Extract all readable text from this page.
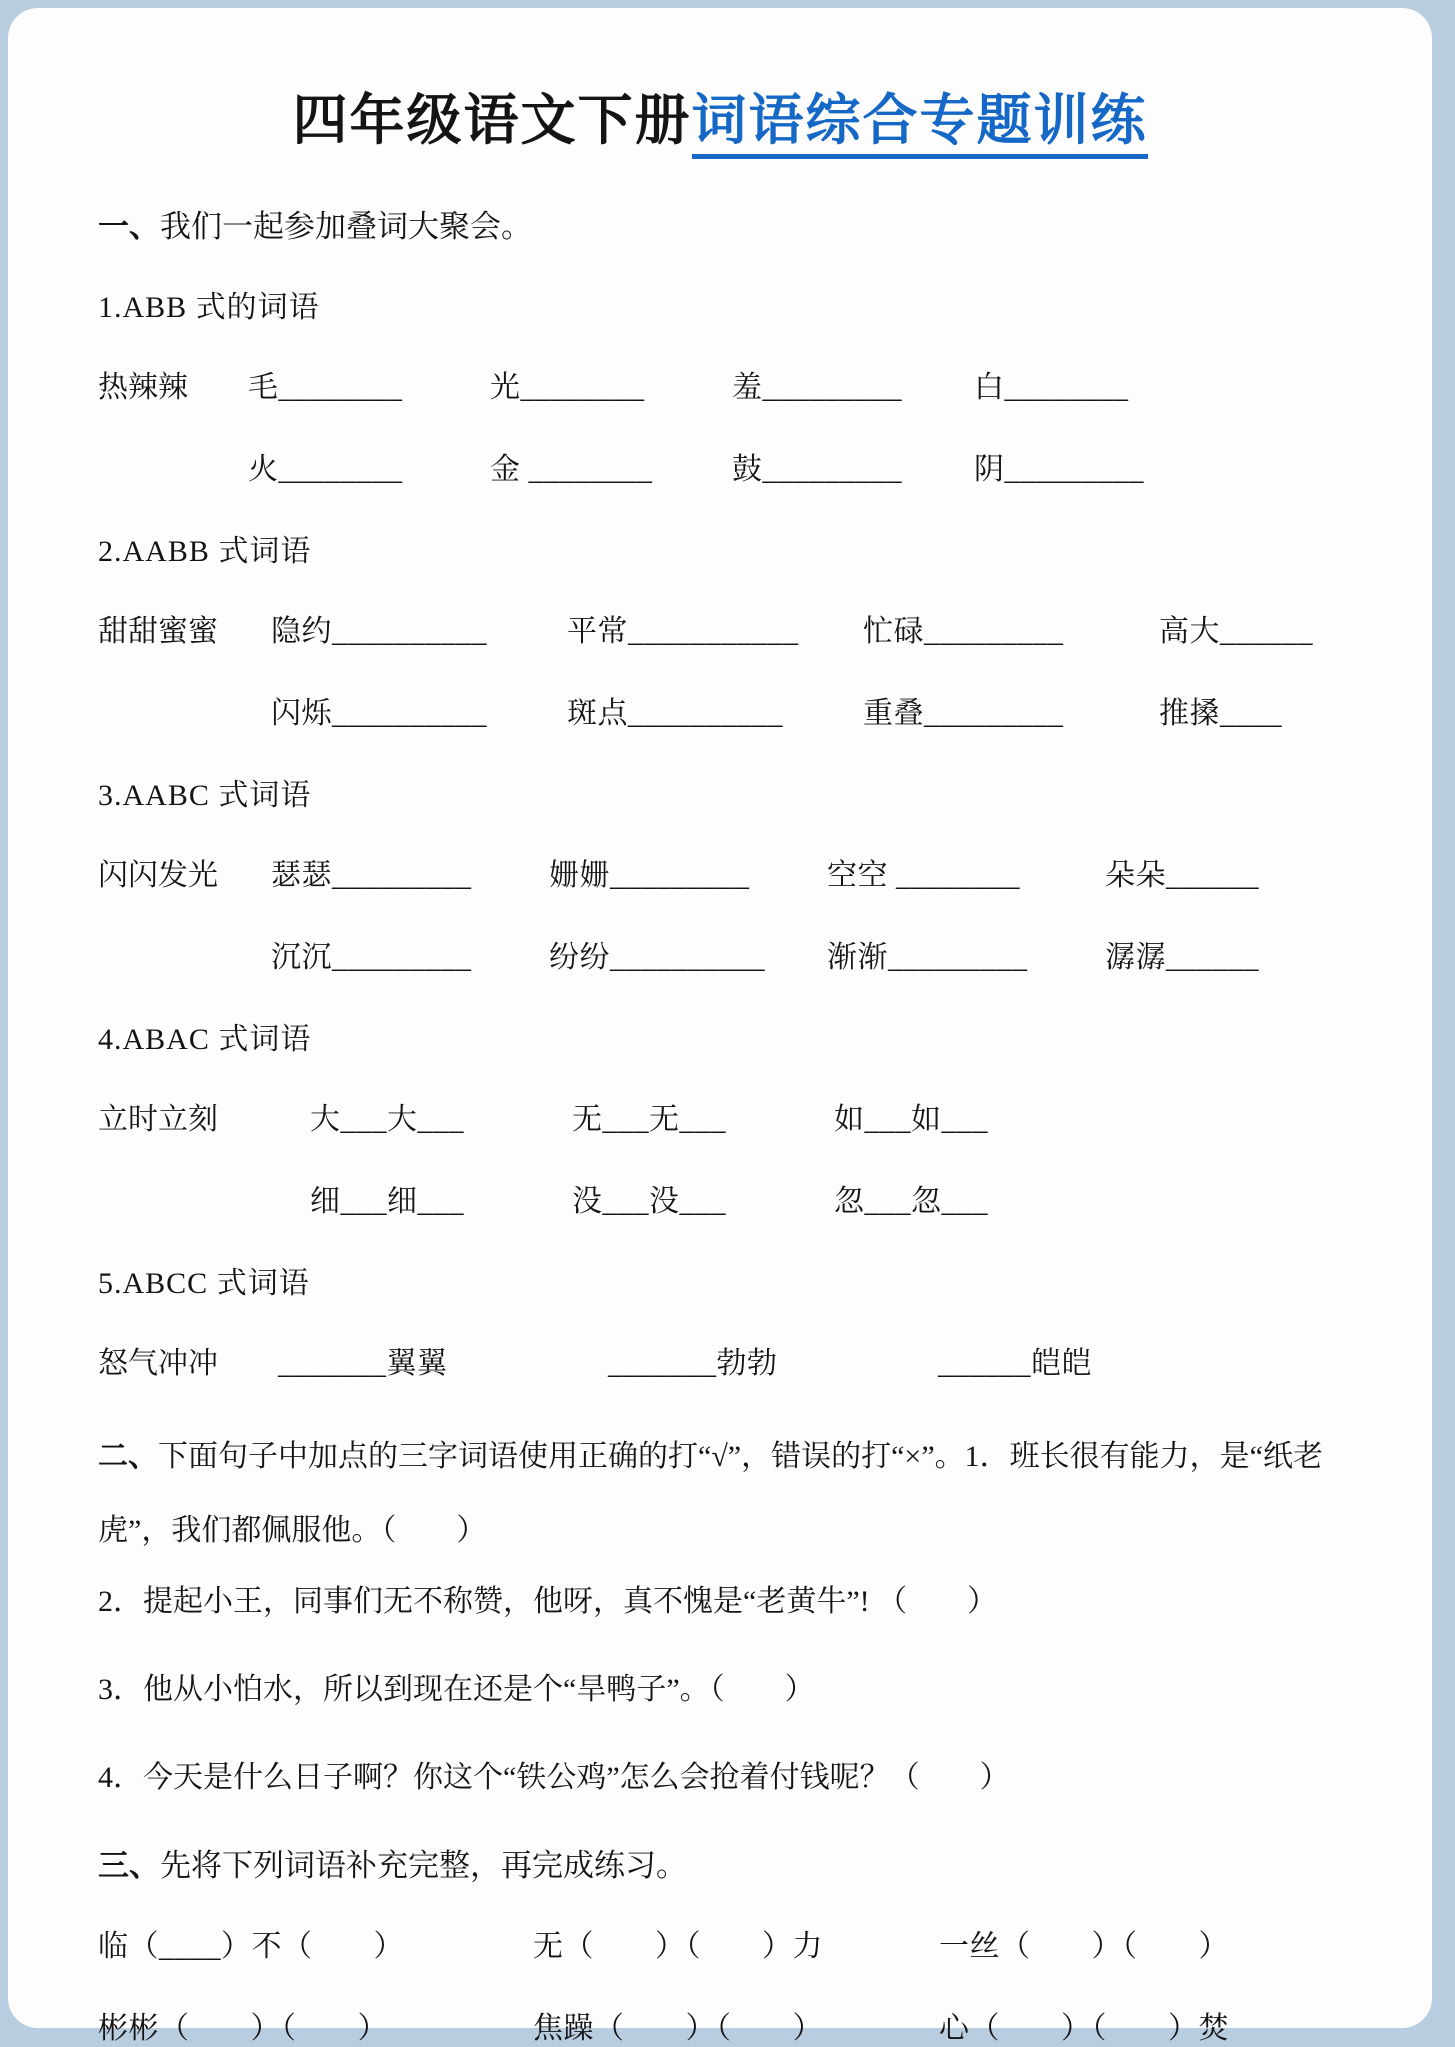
四年级语文下册词语综合专题训练
一、我们一起参加叠词大聚会。
1.ABB 式的词语
热辣辣	毛________	光________	羞_________	白________
火________	金 ________	鼓_________	阴_________
2.AABB 式词语
甜甜蜜蜜	隐约__________	平常___________	忙碌_________	高大______
闪烁__________	斑点__________	重叠_________	推搡____
3.AABC 式词语
闪闪发光	瑟瑟_________	姗姗_________	空空 ________	朵朵______
沉沉_________	纷纷__________	渐渐_________	潺潺______
4.ABAC 式词语
立时立刻	大___大___	无___无___	如___如___
细___细___	没___没___	忽___忽___
5.ABCC 式词语
怒气冲冲	_______翼翼	_______勃勃	______皑皑
二、下面句子中加点的三字词语使用正确的打“√”，错误的打“×”。1．班长很有能力，是“纸老虎”，我们都佩服他。（　　）
2．提起小王，同事们无不称赞，他呀，真不愧是“老黄牛”! （　　）
3．他从小怕水，所以到现在还是个“旱鸭子”。（　　）
4．今天是什么日子啊？你这个“铁公鸡”怎么会抢着付钱呢？（　　）
三、先将下列词语补充完整，再完成练习。
临（____）不（　　）	无（　　）（　　）力	一丝（　　）（　　）
彬彬（　　）（　　）	焦躁（　　）（　　）	心（　　）（　　）焚
